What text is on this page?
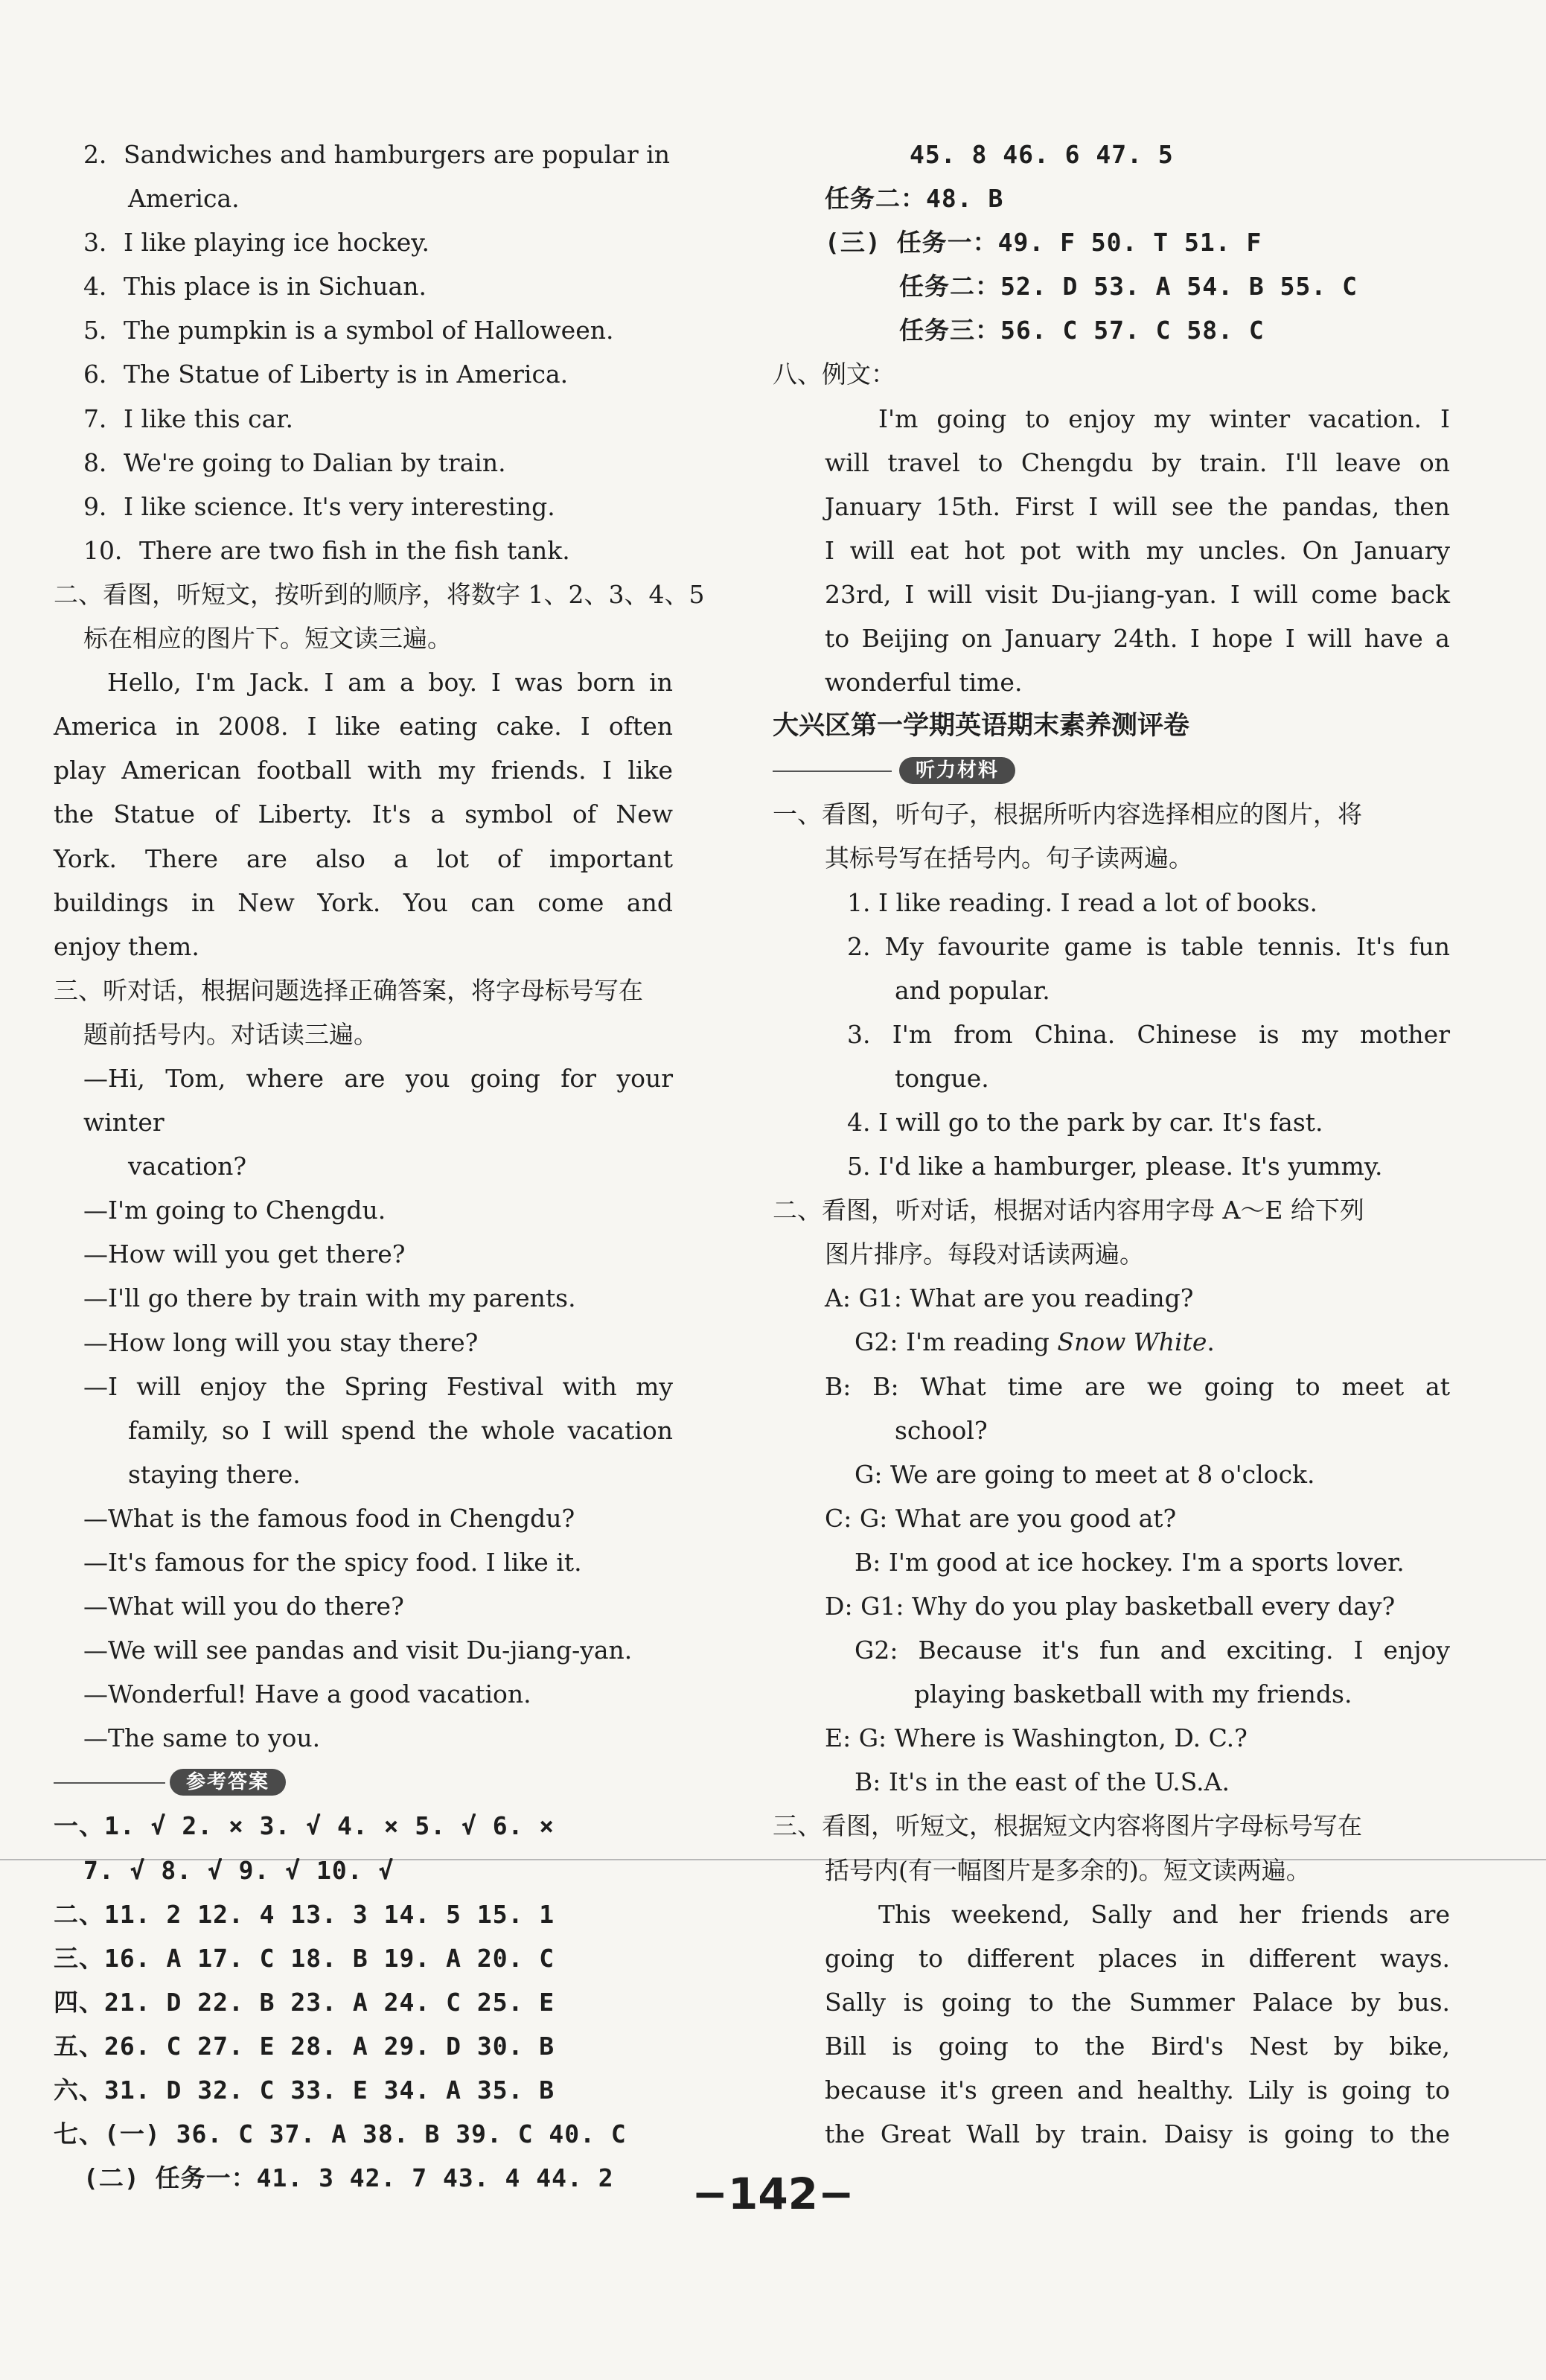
2．Sandwiches and hamburgers are popular in
America.
3．I like playing ice hockey.
4．This place is in Sichuan.
5．The pumpkin is a symbol of Halloween.
6．The Statue of Liberty is in America.
7．I like this car.
8．We're going to Dalian by train.
9．I like science. It's very interesting.
10．There are two fish in the fish tank.
二、看图，听短文，按听到的顺序，将数字 1、2、3、4、5
标在相应的图片下。短文读三遍。
Hello, I'm Jack. I am a boy. I was born in
America in 2008. I like eating cake. I often
play American football with my friends. I like
the Statue of Liberty. It's a symbol of New
York. There are also a lot of important
buildings in New York. You can come and
enjoy them.
三、听对话，根据问题选择正确答案，将字母标号写在
题前括号内。对话读三遍。
—Hi, Tom, where are you going for your winter
vacation?
—I'm going to Chengdu.
—How will you get there?
—I'll go there by train with my parents.
—How long will you stay there?
—I will enjoy the Spring Festival with my
family, so I will spend the whole vacation
staying there.
—What is the famous food in Chengdu?
—It's famous for the spicy food. I like it.
—What will you do there?
—We will see pandas and visit Du-jiang-yan.
—Wonderful! Have a good vacation.
—The same to you.
参考答案
一、1. √ 2. × 3. √ 4. × 5. √ 6. ×
7. √ 8. √ 9. √ 10. √
二、11. 2 12. 4 13. 3 14. 5 15. 1
三、16. A 17. C 18. B 19. A 20. C
四、21. D 22. B 23. A 24. C 25. E
五、26. C 27. E 28. A 29. D 30. B
六、31. D 32. C 33. E 34. A 35. B
七、(一) 36. C 37. A 38. B 39. C 40. C
(二) 任务一：41. 3 42. 7 43. 4 44. 2
45. 8 46. 6 47. 5
任务二：48. B
(三) 任务一：49. F 50. T 51. F
任务二：52. D 53. A 54. B 55. C
任务三：56. C 57. C 58. C
八、例文：
I'm going to enjoy my winter vacation. I
will travel to Chengdu by train. I'll leave on
January 15th. First I will see the pandas, then
I will eat hot pot with my uncles. On January
23rd, I will visit Du-jiang-yan. I will come back
to Beijing on January 24th. I hope I will have a
wonderful time.
大兴区第一学期英语期末素养测评卷
听力材料
一、看图，听句子，根据所听内容选择相应的图片，将
其标号写在括号内。句子读两遍。
1. I like reading. I read a lot of books.
2. My favourite game is table tennis. It's fun
and popular.
3. I'm from China. Chinese is my mother
tongue.
4. I will go to the park by car. It's fast.
5. I'd like a hamburger, please. It's yummy.
二、看图，听对话，根据对话内容用字母 A～E 给下列
图片排序。每段对话读两遍。
A: G1: What are you reading?
G2: I'm reading Snow White.
B: B: What time are we going to meet at
school?
G: We are going to meet at 8 o'clock.
C: G: What are you good at?
B: I'm good at ice hockey. I'm a sports lover.
D: G1: Why do you play basketball every day?
G2: Because it's fun and exciting. I enjoy
playing basketball with my friends.
E: G: Where is Washington, D. C.?
B: It's in the east of the U.S.A.
三、看图，听短文，根据短文内容将图片字母标号写在
括号内(有一幅图片是多余的)。短文读两遍。
This weekend, Sally and her friends are
going to different places in different ways.
Sally is going to the Summer Palace by bus.
Bill is going to the Bird's Nest by bike,
because it's green and healthy. Lily is going to
the Great Wall by train. Daisy is going to the
−142−
